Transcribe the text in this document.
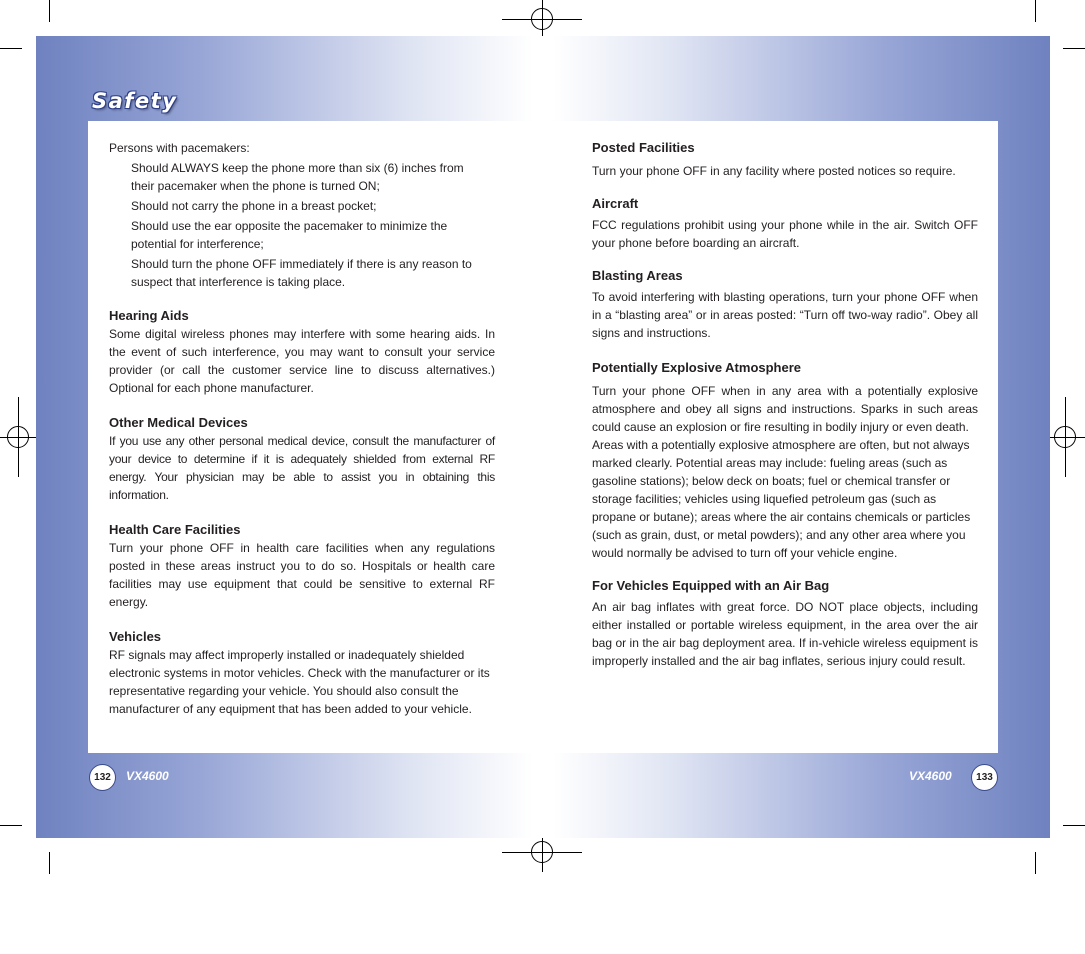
Safety

Persons with pacemakers:

Should ALWAYS keep the phone more than six (6) inches from their pacemaker when the phone is turned ON;
Should not carry the phone in a breast pocket;
Should use the ear opposite the pacemaker to minimize the potential for interference;
Should turn the phone OFF immediately if there is any reason to suspect that interference is taking place.
Hearing Aids

Some digital wireless phones may interfere with some hearing aids. In the event of such interference, you may want to consult your service provider (or call the customer service line to discuss alternatives.) Optional for each phone manufacturer.

Other Medical Devices

If you use any other personal medical device, consult the manufacturer of your device to determine if it is adequately shielded from external RF energy. Your physician may be able to assist you in obtaining this information.

Health Care Facilities

Turn your phone OFF in health care facilities when any regulations posted in these areas instruct you to do so. Hospitals or health care facilities may use equipment that could be sensitive to external RF energy.

Vehicles

RF signals may affect improperly installed or inadequately shielded electronic systems in motor vehicles. Check with the manufacturer or its representative regarding your vehicle. You should also consult the manufacturer of any equipment that has been added to your vehicle.

Posted Facilities

Turn your phone OFF in any facility where posted notices so require.

Aircraft

FCC regulations prohibit using your phone while in the air. Switch OFF your phone before boarding an aircraft.

Blasting Areas

To avoid interfering with blasting operations, turn your phone OFF when in a “blasting area” or in areas posted: “Turn off two-way radio”. Obey all signs and instructions.

Potentially Explosive Atmosphere

Turn your phone OFF when in any area with a potentially explosive atmosphere and obey all signs and instructions. Sparks in such areas could cause an explosion or fire resulting in bodily injury or even death.

Areas with a potentially explosive atmosphere are often, but not always marked clearly. Potential areas may include: fueling areas (such as gasoline stations); below deck on boats; fuel or chemical transfer or storage facilities; vehicles using liquefied petroleum gas (such as propane or butane); areas where the air contains chemicals or particles (such as grain, dust, or metal powders); and any other area where you would normally be advised to turn off your vehicle engine.

For Vehicles Equipped with an Air Bag

An air bag inflates with great force. DO NOT place objects, including either installed or portable wireless equipment, in the area over the air bag or in the air bag deployment area. If in-vehicle wireless equipment is improperly installed and the air bag inflates, serious injury could result.

132	VX4600	VX4600	133
